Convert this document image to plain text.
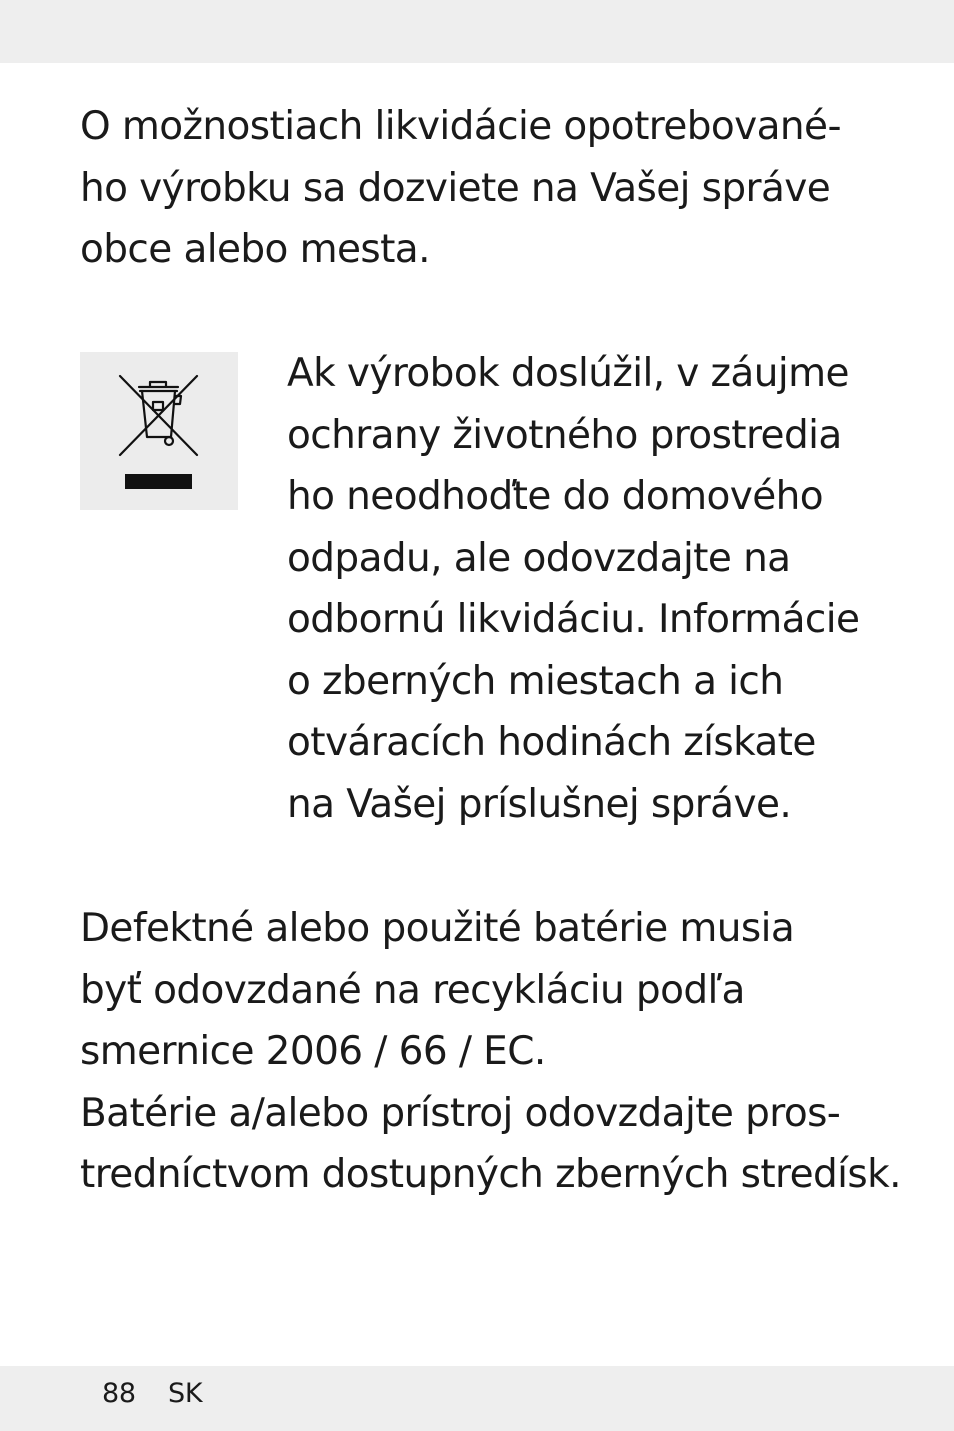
O možnostiach likvidácie opotrebované-
ho výrobku sa dozviete na Vašej správe
obce alebo mesta.

Ak výrobok doslúžil, v záujme
ochrany životného prostredia
ho neodhoďte do domového
odpadu, ale odovzdajte na
odbornú likvidáciu. Informácie
o zberných miestach a ich
otváracích hodinách získate
na Vašej príslušnej správe.

Defektné alebo použité batérie musia
byť odovzdané na recykláciu podľa
smernice 2006 / 66 / EC.
Batérie a/alebo prístroj odovzdajte pros-
tredníctvom dostupných zberných stredísk.

88 SK
